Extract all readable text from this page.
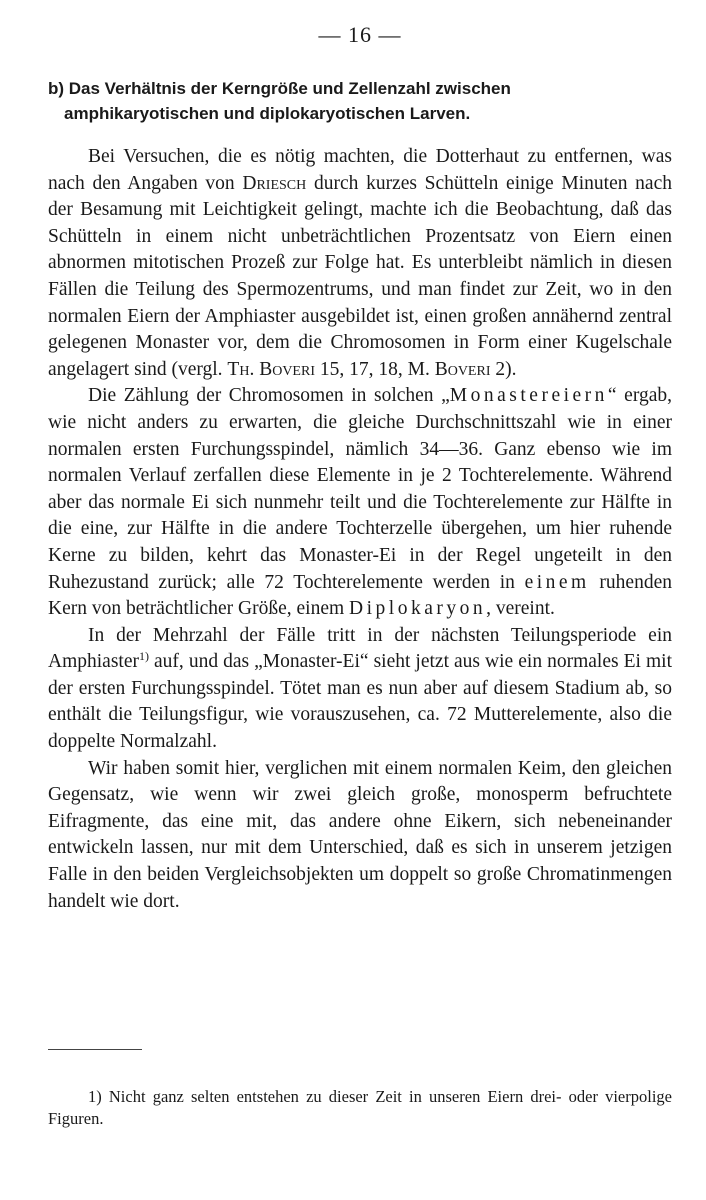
— 16 —
b) Das Verhältnis der Kerngröße und Zellenzahl zwischen
amphikaryotischen und diplokaryotischen Larven.

Bei Versuchen, die es nötig machten, die Dotterhaut zu entfernen, was nach den Angaben von Driesch durch kurzes Schütteln einige Minuten nach der Besamung mit Leichtigkeit gelingt, machte ich die Beobachtung, daß das Schütteln in einem nicht unbeträchtlichen Prozentsatz von Eiern einen abnormen mitotischen Prozeß zur Folge hat. Es unterbleibt nämlich in diesen Fällen die Teilung des Spermozentrums, und man findet zur Zeit, wo in den normalen Eiern der Amphiaster ausgebildet ist, einen großen annähernd zentral gelegenen Monaster vor, dem die Chromosomen in Form einer Kugelschale angelagert sind (vergl. Th. Boveri 15, 17, 18, M. Boveri 2).

Die Zählung der Chromosomen in solchen „Monastereiern“ ergab, wie nicht anders zu erwarten, die gleiche Durchschnittszahl wie in einer normalen ersten Furchungsspindel, nämlich 34—36. Ganz ebenso wie im normalen Verlauf zerfallen diese Elemente in je 2 Tochterelemente. Während aber das normale Ei sich nunmehr teilt und die Tochterelemente zur Hälfte in die eine, zur Hälfte in die andere Tochterzelle übergehen, um hier ruhende Kerne zu bilden, kehrt das Monaster-Ei in der Regel ungeteilt in den Ruhezustand zurück; alle 72 Tochterelemente werden in einem ruhenden Kern von beträchtlicher Größe, einem Diplokaryon, vereint.

In der Mehrzahl der Fälle tritt in der nächsten Teilungsperiode ein Amphiaster$^{1)}$ auf, und das „Monaster-Ei“ sieht jetzt aus wie ein normales Ei mit der ersten Furchungsspindel. Tötet man es nun aber auf diesem Stadium ab, so enthält die Teilungsfigur, wie vorauszusehen, ca. 72 Mutterelemente, also die doppelte Normalzahl.

Wir haben somit hier, verglichen mit einem normalen Keim, den gleichen Gegensatz, wie wenn wir zwei gleich große, monosperm befruchtete Eifragmente, das eine mit, das andere ohne Eikern, sich nebeneinander entwickeln lassen, nur mit dem Unterschied, daß es sich in unserem jetzigen Falle in den beiden Vergleichsobjekten um doppelt so große Chromatinmengen handelt wie dort.

1) Nicht ganz selten entstehen zu dieser Zeit in unseren Eiern drei- oder vierpolige Figuren.
